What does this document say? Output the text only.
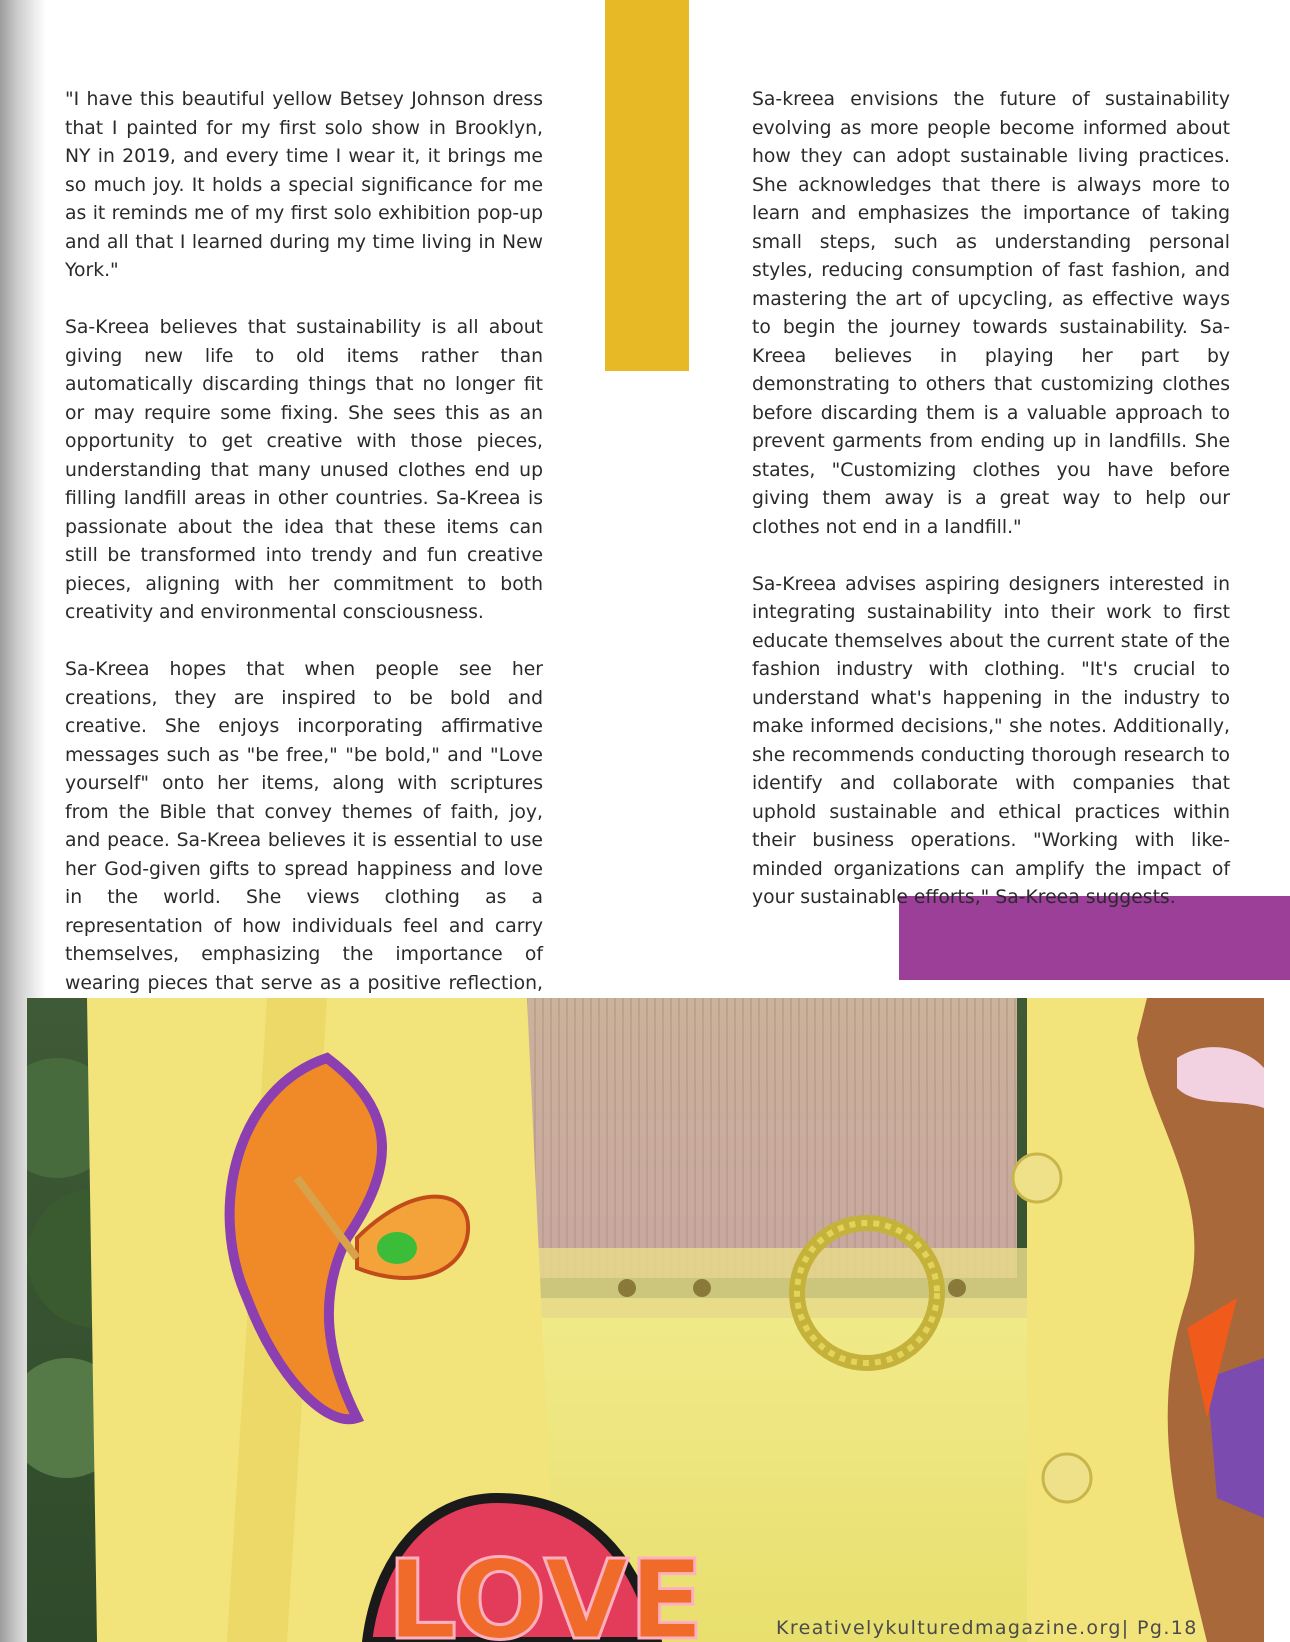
"I have this beautiful yellow Betsey Johnson dress that I painted for my first solo show in Brooklyn, NY in 2019, and every time I wear it, it brings me so much joy. It holds a special significance for me as it reminds me of my first solo exhibition pop-up and all that I learned during my time living in New York."

Sa-Kreea believes that sustainability is all about giving new life to old items rather than automatically discarding things that no longer fit or may require some fixing. She sees this as an opportunity to get creative with those pieces, understanding that many unused clothes end up filling landfill areas in other countries. Sa-Kreea is passionate about the idea that these items can still be transformed into trendy and fun creative pieces, aligning with her commitment to both creativity and environmental consciousness.

Sa-Kreea hopes that when people see her creations, they are inspired to be bold and creative. She enjoys incorporating affirmative messages such as "be free," "be bold," and "Love yourself" onto her items, along with scriptures from the Bible that convey themes of faith, joy, and peace. Sa-Kreea believes it is essential to use her God-given gifts to spread happiness and love in the world. She views clothing as a representation of how individuals feel and carry themselves, emphasizing the importance of wearing pieces that serve as a positive reflection,

Sa-kreea envisions the future of sustainability evolving as more people become informed about how they can adopt sustainable living practices. She acknowledges that there is always more to learn and emphasizes the importance of taking small steps, such as understanding personal styles, reducing consumption of fast fashion, and mastering the art of upcycling, as effective ways to begin the journey towards sustainability. Sa-Kreea believes in playing her part by demonstrating to others that customizing clothes before discarding them is a valuable approach to prevent garments from ending up in landfills. She states, "Customizing clothes you have before giving them away is a great way to help our clothes not end in a landfill."

Sa-Kreea advises aspiring designers interested in integrating sustainability into their work to first educate themselves about the current state of the fashion industry with clothing. "It's crucial to understand what's happening in the industry to make informed decisions," she notes. Additionally, she recommends conducting thorough research to identify and collaborate with companies that uphold sustainable and ethical practices within their business operations. "Working with like-minded organizations can amplify the impact of your sustainable efforts," Sa-Kreea suggests.

LOVE	Kreativelykulturedmagazine.org| Pg.18
